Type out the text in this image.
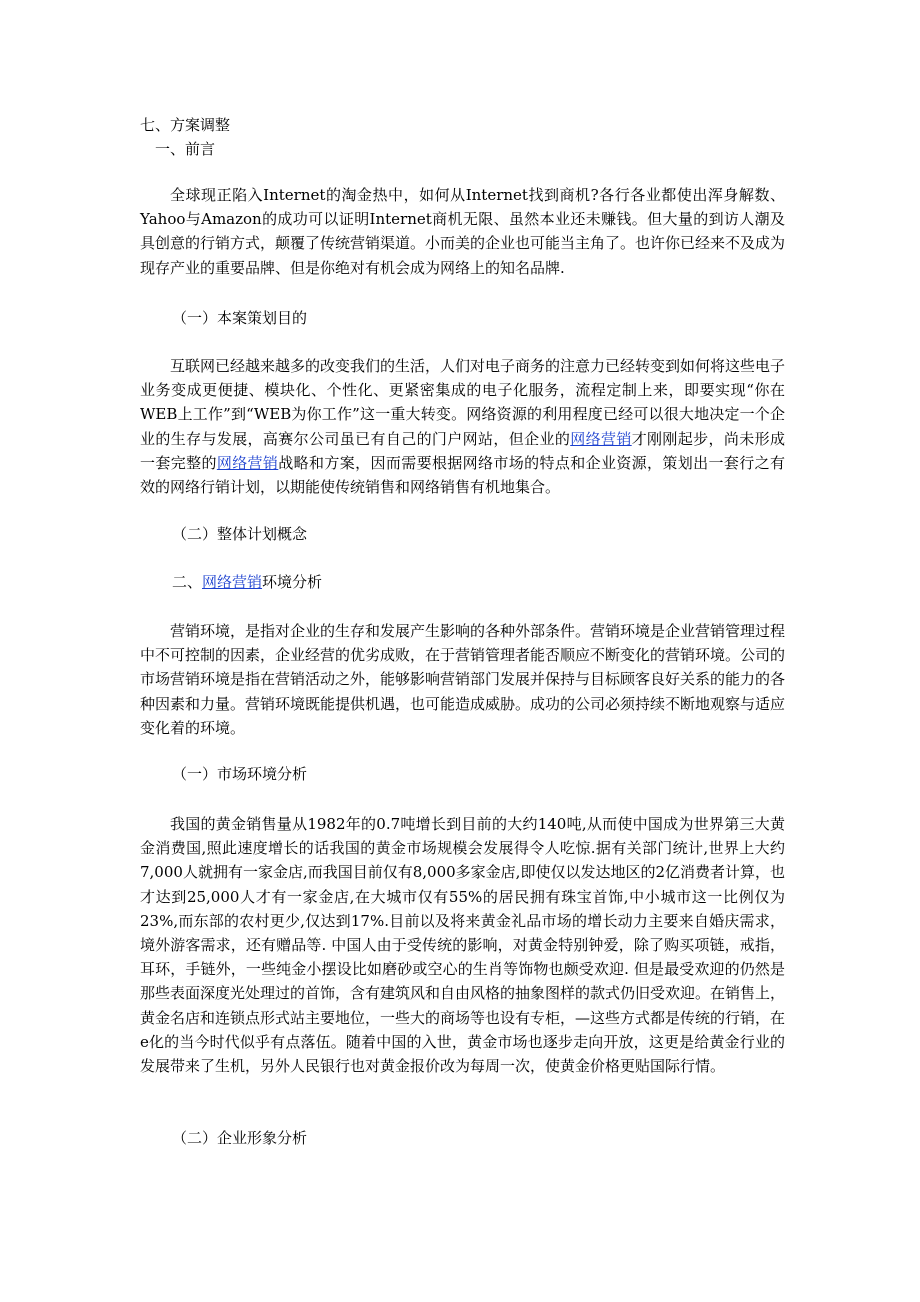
七、方案调整
一、前言
全球现正陷入Internet的淘金热中，如何从Internet找到商机?各行各业都使出浑身解数、Yahoo与Amazon的成功可以证明Internet商机无限、虽然本业还未赚钱。但大量的到访人潮及具创意的行销方式，颠覆了传统营销渠道。小而美的企业也可能当主角了。也许你已经来不及成为现存产业的重要品牌、但是你绝对有机会成为网络上的知名品牌.
（一）本案策划目的
互联网已经越来越多的改变我们的生活，人们对电子商务的注意力已经转变到如何将这些电子业务变成更便捷、模块化、个性化、更紧密集成的电子化服务，流程定制上来，即要实现“你在WEB上工作”到“WEB为你工作”这一重大转变。网络资源的利用程度已经可以很大地决定一个企业的生存与发展，高赛尔公司虽已有自己的门户网站，但企业的网络营销才刚刚起步，尚未形成一套完整的网络营销战略和方案，因而需要根据网络市场的特点和企业资源，策划出一套行之有效的网络行销计划，以期能使传统销售和网络销售有机地集合。
（二）整体计划概念
二、网络营销环境分析
营销环境，是指对企业的生存和发展产生影响的各种外部条件。营销环境是企业营销管理过程中不可控制的因素，企业经营的优劣成败，在于营销管理者能否顺应不断变化的营销环境。公司的市场营销环境是指在营销活动之外，能够影响营销部门发展并保持与目标顾客良好关系的能力的各种因素和力量。营销环境既能提供机遇，也可能造成威胁。成功的公司必须持续不断地观察与适应变化着的环境。
（一）市场环境分析
我国的黄金销售量从1982年的0.7吨增长到目前的大约140吨,从而使中国成为世界第三大黄金消费国,照此速度增长的话我国的黄金市场规模会发展得令人吃惊.据有关部门统计,世界上大约7,000人就拥有一家金店,而我国目前仅有8,000多家金店,即使仅以发达地区的2亿消费者计算，也才达到25,000人才有一家金店,在大城市仅有55%的居民拥有珠宝首饰,中小城市这一比例仅为23%,而东部的农村更少,仅达到17%.目前以及将来黄金礼品市场的增长动力主要来自婚庆需求，境外游客需求，还有赠品等. 中国人由于受传统的影响，对黄金特别钟爱，除了购买项链，戒指，耳环，手链外，一些纯金小摆设比如磨砂或空心的生肖等饰物也颇受欢迎. 但是最受欢迎的仍然是那些表面深度光处理过的首饰，含有建筑风和自由风格的抽象图样的款式仍旧受欢迎。在销售上，黄金名店和连锁点形式站主要地位，一些大的商场等也设有专柜，—这些方式都是传统的行销，在e化的当今时代似乎有点落伍。随着中国的入世，黄金市场也逐步走向开放，这更是给黄金行业的发展带来了生机，另外人民银行也对黄金报价改为每周一次，使黄金价格更贴国际行情。
（二）企业形象分析
